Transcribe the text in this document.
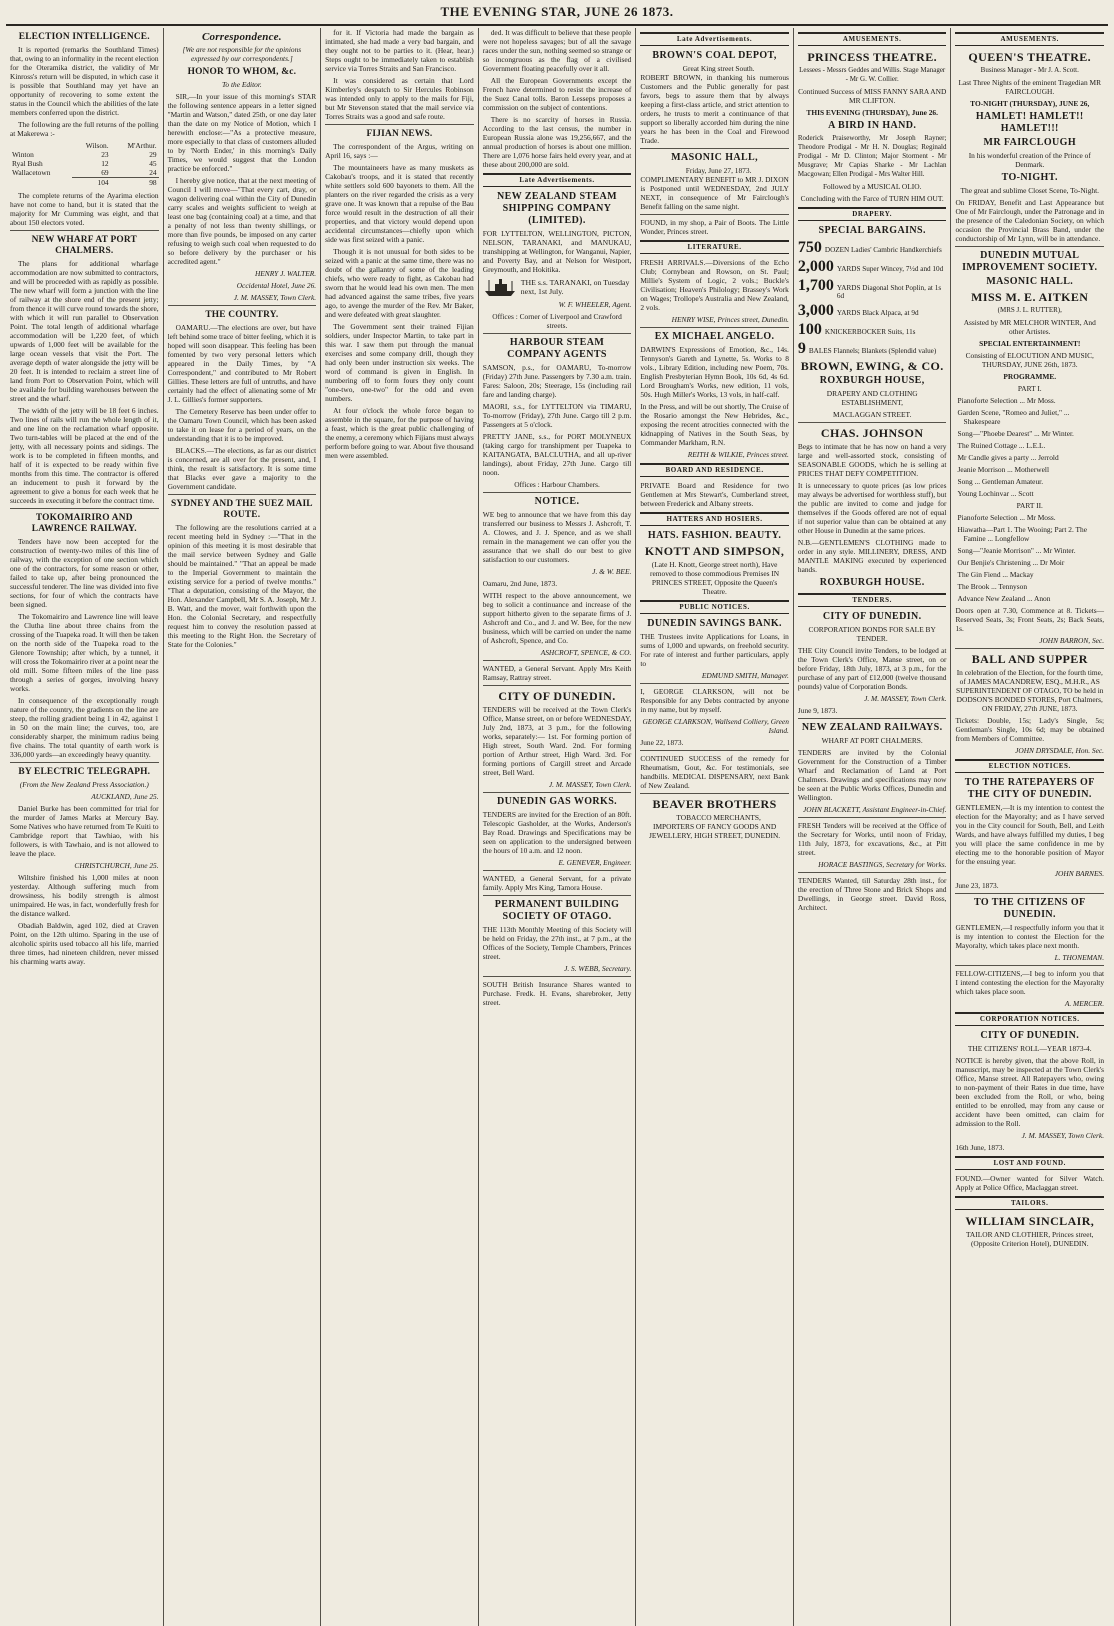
THE EVENING STAR, JUNE 26 1873.
ELECTION INTELLIGENCE.

It is reported (remarks the Southland Times) that, owing to an informality in the recent election for the Oteramika district, the validity of Mr Kinross's return will be disputed, in which case it is possible that Southland may yet have an opportunity of recovering to some extent the status in the Council which the abilities of the late members conferred upon the district.

The following are the full returns of the polling at Makerewa :-

	Wilson.	M'Arthur.
Winton	23	29
Ryal Bush	12	45
Wallacetown	69	24
	104	98

The complete returns of the Ayarima election have not come to hand, but it is stated that the majority for Mr Cumming was eight, and that about 150 electors voted.

NEW WHARF AT PORT CHALMERS.

The plans for additional wharfage accommodation are now submitted to contractors, and will be proceeded with as rapidly as possible. The new wharf will form a junction with the line of railway at the shore end of the present jetty; from thence it will curve round towards the shore, with which it will run parallel to Observation Point. The total length of additional wharfage accommodation will be 1,220 feet, of which upwards of 1,000 feet will be available for the large ocean vessels that visit the Port. The average depth of water alongside the jetty will be 20 feet. It is intended to reclaim a street line of land from Port to Observation Point, which will be available for building warehouses between the street and the wharf.

The width of the jetty will be 18 feet 6 inches. Two lines of rails will run the whole length of it, and one line on the reclamation wharf opposite. Two turn-tables will be placed at the end of the jetty, with all necessary points and sidings. The work is to be completed in fifteen months, and half of it is expected to be ready within five months from this time. The contractor is offered an inducement to push it forward by the agreement to give a bonus for each week that he succeeds in executing it before the contract time.

TOKOMAIRIRO AND LAWRENCE RAILWAY.

Tenders have now been accepted for the construction of twenty-two miles of this line of railway, with the exception of one section which one of the contractors, for some reason or other, failed to take up, after being pronounced the successful tenderer. The line was divided into five sections, for four of which the contracts have been signed.

The Tokomairiro and Lawrence line will leave the Clutha line about three chains from the crossing of the Tuapeka road. It will then be taken on the north side of the Tuapeka road to the Glenore Township; after which, by a tunnel, it will cross the Tokomairiro river at a point near the old mill. Some fifteen miles of the line pass through a series of gorges, involving heavy works.

In consequence of the exceptionally rough nature of the country, the gradients on the line are steep, the rolling gradient being 1 in 42, against 1 in 50 on the main line; the curves, too, are considerably sharper, the minimum radius being five chains. The total quantity of earth work is 336,000 yards—an exceedingly heavy quantity.

BY ELECTRIC TELEGRAPH.

(From the New Zealand Press Association.)

AUCKLAND, June 25.

Daniel Burke has been committed for trial for the murder of James Marks at Mercury Bay. Some Natives who have returned from Te Kuiti to Cambridge report that Tawhiao, with his followers, is with Tawhaio, and is not allowed to leave the place.

CHRISTCHURCH, June 25.

Wiltshire finished his 1,000 miles at noon yesterday. Although suffering much from drowsiness, his bodily strength is almost unimpaired. He was, in fact, wonderfully fresh for the distance walked.

Obadiah Baldwin, aged 102, died at Craven Point, on the 12th ultimo. Sparing in the use of alcoholic spirits used tobacco all his life, married three times, had nineteen children, never missed his charming warts away.

Correspondence.

[We are not responsible for the opinions expressed by our correspondents.]

HONOR TO WHOM, &c.

To the Editor.

SIR,—In your issue of this morning's STAR the following sentence appears in a letter signed "Martin and Watson," dated 25th, or one day later than the date on my Notice of Motion, which I herewith enclose:—"As a protective measure, more especially to that class of customers alluded to by 'North Ender,' in this morning's Daily Times, we would suggest that the London practice be enforced."

I hereby give notice, that at the next meeting of Council I will move—"That every cart, dray, or wagon delivering coal within the City of Dunedin carry scales and weights sufficient to weigh at least one bag (containing coal) at a time, and that a penalty of not less than twenty shillings, or more than five pounds, be imposed on any carter refusing to weigh such coal when requested to do so before delivery by the purchaser or his accredited agent."

HENRY J. WALTER.

Occidental Hotel, June 26.

J. M. MASSEY, Town Clerk.

THE COUNTRY.

OAMARU.—The elections are over, but have left behind some trace of bitter feeling, which it is hoped will soon disappear. This feeling has been fomented by two very personal letters which appeared in the Daily Times, by "A Correspondent," and contributed to Mr Robert Gillies. These letters are full of untruths, and have certainly had the effect of alienating some of Mr J. L. Gillies's former supporters.

The Cemetery Reserve has been under offer to the Oamaru Town Council, which has been asked to take it on lease for a period of years, on the understanding that it is to be improved.

BLACKS.—The elections, as far as our district is concerned, are all over for the present, and, I think, the result is satisfactory. It is some time that Blacks ever gave a majority to the Government candidate.

SYDNEY AND THE SUEZ MAIL ROUTE.

The following are the resolutions carried at a recent meeting held in Sydney :—"That in the opinion of this meeting it is most desirable that the mail service between Sydney and Galle should be maintained." "That an appeal be made to the Imperial Government to maintain the existing service for a period of twelve months." "That a deputation, consisting of the Mayor, the Hon. Alexander Campbell, Mr S. A. Joseph, Mr J. B. Watt, and the mover, wait forthwith upon the Hon. the Colonial Secretary, and respectfully request him to convey the resolution passed at this meeting to the Right Hon. the Secretary of State for the Colonies."

for it. If Victoria had made the bargain as intimated, she had made a very bad bargain, and they ought not to be parties to it. (Hear, hear.) Steps ought to be immediately taken to establish service via Torres Straits and San Francisco.

It was considered as certain that Lord Kimberley's despatch to Sir Hercules Robinson was intended only to apply to the mails for Fiji, but Mr Stevenson stated that the mail service via Torres Straits was a good and safe route.

FIJIAN NEWS.

The correspondent of the Argus, writing on April 16, says :—

The mountaineers have as many muskets as Cakobau's troops, and it is stated that recently white settlers sold 600 bayonets to them. All the planters on the river regarded the crisis as a very grave one. It was known that a repulse of the Bau force would result in the destruction of all their properties, and that victory would depend upon accidental circumstances—chiefly upon which side was first seized with a panic.

Though it is not unusual for both sides to be seized with a panic at the same time, there was no doubt of the gallantry of some of the leading chiefs, who were ready to fight, as Cakobau had sworn that he would lead his own men. The men had advanced against the same tribes, five years ago, to avenge the murder of the Rev. Mr Baker, and were defeated with great slaughter.

The Government sent their trained Fijian soldiers, under Inspector Martin, to take part in this war. I saw them put through the manual exercises and some company drill, though they had only been under instruction six weeks. The word of command is given in English. In numbering off to form fours they only count "one-two, one-two" for the odd and even numbers.

At four o'clock the whole force began to assemble in the square, for the purpose of having a feast, which is the great public challenging of the enemy, a ceremony which Fijians must always perform before going to war. About five thousand men were assembled.

ded. It was difficult to believe that these people were not hopeless savages; but of all the savage races under the sun, nothing seemed so strange or so incongruous as the flag of a civilised Government floating peacefully over it all.

All the European Governments except the French have determined to resist the increase of the Suez Canal tolls. Baron Lesseps proposes a commission on the subject of contentions.

There is no scarcity of horses in Russia. According to the last census, the number in European Russia alone was 19,256,667, and the annual production of horses is about one million. There are 1,076 horse fairs held every year, and at these about 200,000 are sold.

Late Advertisements.
NEW ZEALAND STEAM SHIPPING COMPANY (LIMITED).

FOR LYTTELTON, WELLINGTON, PICTON, NELSON, TARANAKI, and MANUKAU, transhipping at Wellington, for Wanganui, Napier, and Poverty Bay, and at Nelson for Westport, Greymouth, and Hokitika.

THE s.s. TARANAKI, on Tuesday next, 1st July.

W. F. WHEELER, Agent.

Offices : Corner of Liverpool and Crawford streets.

HARBOUR STEAM COMPANY AGENTS

SAMSON, p.s., for OAMARU, To-morrow (Friday) 27th June. Passengers by 7.30 a.m. train. Fares: Saloon, 20s; Steerage, 15s (including rail fare and landing charge).

MAORI, s.s., for LYTTELTON via TIMARU, To-morrow (Friday), 27th June. Cargo till 2 p.m. Passengers at 5 o'clock.

PRETTY JANE, s.s., for PORT MOLYNEUX (taking cargo for transhipment per Tuapeka to KAITANGATA, BALCLUTHA, and all up-river landings), about Friday, 27th June. Cargo till noon.

Offices : Harbour Chambers.

NOTICE.

WE beg to announce that we have from this day transferred our business to Messrs J. Ashcroft, T. A. Clowes, and J. J. Spence, and as we shall remain in the management we can offer you the assurance that we shall do our best to give satisfaction to our customers.

J. & W. BEE.

Oamaru, 2nd June, 1873.

WITH respect to the above announcement, we beg to solicit a continuance and increase of the support hitherto given to the separate firms of J. Ashcroft and Co., and J. and W. Bee, for the new business, which will be carried on under the name of Ashcroft, Spence, and Co.

ASHCROFT, SPENCE, & CO.

WANTED, a General Servant. Apply Mrs Keith Ramsay, Rattray street.

CITY OF DUNEDIN.

TENDERS will be received at the Town Clerk's Office, Manse street, on or before WEDNESDAY, July 2nd, 1873, at 3 p.m., for the following works, separately:— 1st. For forming portion of High street, South Ward. 2nd. For forming portion of Arthur street, High Ward. 3rd. For forming portions of Cargill street and Arcade street, Bell Ward.

J. M. MASSEY, Town Clerk.

DUNEDIN GAS WORKS.

TENDERS are invited for the Erection of an 80ft. Telescopic Gasholder, at the Works, Anderson's Bay Road. Drawings and Specifications may be seen on application to the undersigned between the hours of 10 a.m. and 12 noon.

E. GENEVER, Engineer.

WANTED, a General Servant, for a private family. Apply Mrs King, Tamora House.

PERMANENT BUILDING SOCIETY OF OTAGO.

THE 113th Monthly Meeting of this Society will be held on Friday, the 27th inst., at 7 p.m., at the Offices of the Society, Temple Chambers, Princes street.

J. S. WEBB, Secretary.

SOUTH British Insurance Shares wanted to Purchase. Fredk. H. Evans, sharebroker, Jetty street.

Late Advertisements.
BROWN'S COAL DEPOT,

Great King street South.

ROBERT BROWN, in thanking his numerous Customers and the Public generally for past favors, begs to assure them that by always keeping a first-class article, and strict attention to orders, he trusts to merit a continuance of that support so liberally accorded him during the nine years he has been in the Coal and Firewood Trade.

MASONIC HALL,

Friday, June 27, 1873.

COMPLIMENTARY BENEFIT to MR J. DIXON is Postponed until WEDNESDAY, 2nd JULY NEXT, in consequence of Mr Fairclough's Benefit falling on the same night.

FOUND, in my shop, a Pair of Boots. The Little Wonder, Princes street.

LITERATURE.

FRESH ARRIVALS.—Diversions of the Echo Club; Cornybean and Rowson, on St. Paul; Millie's System of Logic, 2 vols.; Buckle's Civilisation; Heaven's Philology; Brassey's Work on Wages; Trollope's Australia and New Zealand, 2 vols.

HENRY WISE, Princes street, Dunedin.

EX MICHAEL ANGELO.

DARWIN'S Expressions of Emotion, &c., 14s. Tennyson's Gareth and Lynette, 5s. Works to 8 vols., Library Edition, including new Poem, 70s. English Presbyterian Hymn Book, 10s 6d, 4s 6d. Lord Brougham's Works, new edition, 11 vols, 50s. Hugh Miller's Works, 13 vols, in half-calf.

In the Press, and will be out shortly, The Cruise of the Rosario amongst the New Hebrides, &c., exposing the recent atrocities connected with the kidnapping of Natives in the South Seas, by Commander Markham, R.N.

REITH & WILKIE, Princes street.

BOARD AND RESIDENCE.

PRIVATE Board and Residence for two Gentlemen at Mrs Stewart's, Cumberland street, between Frederick and Albany streets.

HATTERS AND HOSIERS.
HATS. FASHION. BEAUTY.
KNOTT AND SIMPSON,

(Late H. Knott, George street north), Have removed to those commodious Premises IN PRINCES STREET, Opposite the Queen's Theatre.

PUBLIC NOTICES.
DUNEDIN SAVINGS BANK.

THE Trustees invite Applications for Loans, in sums of 1,000 and upwards, on freehold security. For rate of interest and further particulars, apply to

EDMUND SMITH, Manager.

I, GEORGE CLARKSON, will not be Responsible for any Debts contracted by anyone in my name, but by myself.

GEORGE CLARKSON, Wallsend Colliery, Green Island.

June 22, 1873.

CONTINUED SUCCESS of the remedy for Rheumatism, Gout, &c. For testimonials, see handbills. MEDICAL DISPENSARY, next Bank of New Zealand.

BEAVER BROTHERS

TOBACCO MERCHANTS,

IMPORTERS OF FANCY GOODS AND JEWELLERY, HIGH STREET, DUNEDIN.

AMUSEMENTS.
PRINCESS THEATRE.

Lessees - Messrs Geddes and Willis. Stage Manager - Mr G. W. Collier.

Continued Success of MISS FANNY SARA AND MR CLIFTON.

THIS EVENING (THURSDAY), June 26.

A BIRD IN HAND.

Roderick Praiseworthy, Mr Joseph Rayner; Theodore Prodigal - Mr H. N. Douglas; Reginald Prodigal - Mr D. Clinton; Major Storment - Mr Musgrave; Mr Capias Sharke - Mr Lachlan Macgowan; Ellen Prodigal - Mrs Walter Hill.

Followed by a MUSICAL OLIO.

Concluding with the Farce of TURN HIM OUT.

DRAPERY.
SPECIAL BARGAINS.
750 DOZEN Ladies' Cambric Handkerchiefs
2,000 YARDS Super Wincey, 7½d and 10d
1,700 YARDS Diagonal Shot Poplin, at 1s 6d
3,000 YARDS Black Alpaca, at 9d
100 KNICKERBOCKER Suits, 11s
9 BALES Flannels; Blankets (Splendid value)
BROWN, EWING, & CO.
ROXBURGH HOUSE,

DRAPERY AND CLOTHING ESTABLISHMENT,

MACLAGGAN STREET.

CHAS. JOHNSON

Begs to intimate that he has now on hand a very large and well-assorted stock, consisting of SEASONABLE GOODS, which he is selling at PRICES THAT DEFY COMPETITION.

It is unnecessary to quote prices (as low prices may always be advertised for worthless stuff), but the public are invited to come and judge for themselves if the Goods offered are not of equal if not superior value than can be obtained at any other House in Dunedin at the same prices.

N.B.—GENTLEMEN'S CLOTHING made to order in any style. MILLINERY, DRESS, AND MANTLE MAKING executed by experienced hands.

ROXBURGH HOUSE.
TENDERS.
CITY OF DUNEDIN.

CORPORATION BONDS FOR SALE BY TENDER.

THE City Council invite Tenders, to be lodged at the Town Clerk's Office, Manse street, on or before Friday, 18th July, 1873, at 3 p.m., for the purchase of any part of £12,000 (twelve thousand pounds) value of Corporation Bonds.

J. M. MASSEY, Town Clerk.

June 9, 1873.

NEW ZEALAND RAILWAYS.

WHARF AT PORT CHALMERS.

TENDERS are invited by the Colonial Government for the Construction of a Timber Wharf and Reclamation of Land at Port Chalmers. Drawings and specifications may now be seen at the Public Works Offices, Dunedin and Wellington.

JOHN BLACKETT, Assistant Engineer-in-Chief.

FRESH Tenders will be received at the Office of the Secretary for Works, until noon of Friday, 11th July, 1873, for excavations, &c., at Pitt street.

HORACE BASTINGS, Secretary for Works.

TENDERS Wanted, till Saturday 28th inst., for the erection of Three Stone and Brick Shops and Dwellings, in George street. David Ross, Architect.

AMUSEMENTS.
QUEEN'S THEATRE.

Business Manager - Mr J. A. Scott.

Last Three Nights of the eminent Tragedian MR FAIRCLOUGH.

TO-NIGHT (THURSDAY), JUNE 26,

HAMLET! HAMLET!! HAMLET!!!
MR FAIRCLOUGH

In his wonderful creation of the Prince of Denmark.

TO-NIGHT.

The great and sublime Closet Scene, To-Night.

On FRIDAY, Benefit and Last Appearance but One of Mr Fairclough, under the Patronage and in the presence of the Caledonian Society, on which occasion the Provincial Brass Band, under the conductorship of Mr Lynn, will be in attendance.

DUNEDIN MUTUAL IMPROVEMENT SOCIETY.
MASONIC HALL.
MISS M. E. AITKEN

(MRS J. L. RUTTER),

Assisted by MR MELCHOR WINTER, And other Artistes.

SPECIAL ENTERTAINMENT!

Consisting of ELOCUTION AND MUSIC, THURSDAY, JUNE 26th, 1873.

PROGRAMME.

PART I.

Pianoforte Selection ... Mr Moss.

Garden Scene, "Romeo and Juliet," ... Shakespeare

Song—"Phoebe Dearest" ... Mr Winter.

The Ruined Cottage ... L.E.L.

Mr Candle gives a party ... Jerrold

Jeanie Morrison ... Motherwell

Song ... Gentleman Amateur.

Young Lochinvar ... Scott

PART II.

Pianoforte Selection ... Mr Moss.

Hiawatha—Part 1. The Wooing; Part 2. The Famine ... Longfellow

Song—"Jeanie Morrison" ... Mr Winter.

Our Benjie's Christening ... Dr Moir

The Gin Fiend ... Mackay

The Brook ... Tennyson

Advance New Zealand ... Anon

Doors open at 7.30, Commence at 8. Tickets—Reserved Seats, 3s; Front Seats, 2s; Back Seats, 1s.

JOHN BARRON, Sec.

BALL AND SUPPER

In celebration of the Election, for the fourth time, of JAMES MACANDREW, ESQ., M.H.R., AS SUPERINTENDENT OF OTAGO, TO be held in DODSON'S BONDED STORES, Port Chalmers, ON FRIDAY, 27th JUNE, 1873.

Tickets: Double, 15s; Lady's Single, 5s; Gentleman's Single, 10s 6d; may be obtained from Members of Committee.

JOHN DRYSDALE, Hon. Sec.

ELECTION NOTICES.
TO THE RATEPAYERS OF THE CITY OF DUNEDIN.

GENTLEMEN,—It is my intention to contest the election for the Mayoralty; and as I have served you in the City council for South, Bell, and Leith Wards, and have always fulfilled my duties, I beg you will place the same confidence in me by electing me to the honorable position of Mayor for the ensuing year.

JOHN BARNES.

June 23, 1873.

TO THE CITIZENS OF DUNEDIN.

GENTLEMEN,—I respectfully inform you that it is my intention to contest the Election for the Mayoralty, which takes place next month.

L. THONEMAN.

FELLOW-CITIZENS,—I beg to inform you that I intend contesting the election for the Mayoralty which takes place soon.

A. MERCER.

CORPORATION NOTICES.
CITY OF DUNEDIN.

THE CITIZENS' ROLL—YEAR 1873-4.

NOTICE is hereby given, that the above Roll, in manuscript, may be inspected at the Town Clerk's Office, Manse street. All Ratepayers who, owing to non-payment of their Rates in due time, have been excluded from the Roll, or who, being entitled to be enrolled, may from any cause or accident have been omitted, can claim for admission to the Roll.

J. M. MASSEY, Town Clerk.

16th June, 1873.

LOST AND FOUND.

FOUND.—Owner wanted for Silver Watch. Apply at Police Office, Maclaggan street.

TAILORS.
WILLIAM SINCLAIR,

TAILOR AND CLOTHIER, Princes street, (Opposite Criterion Hotel), DUNEDIN.
